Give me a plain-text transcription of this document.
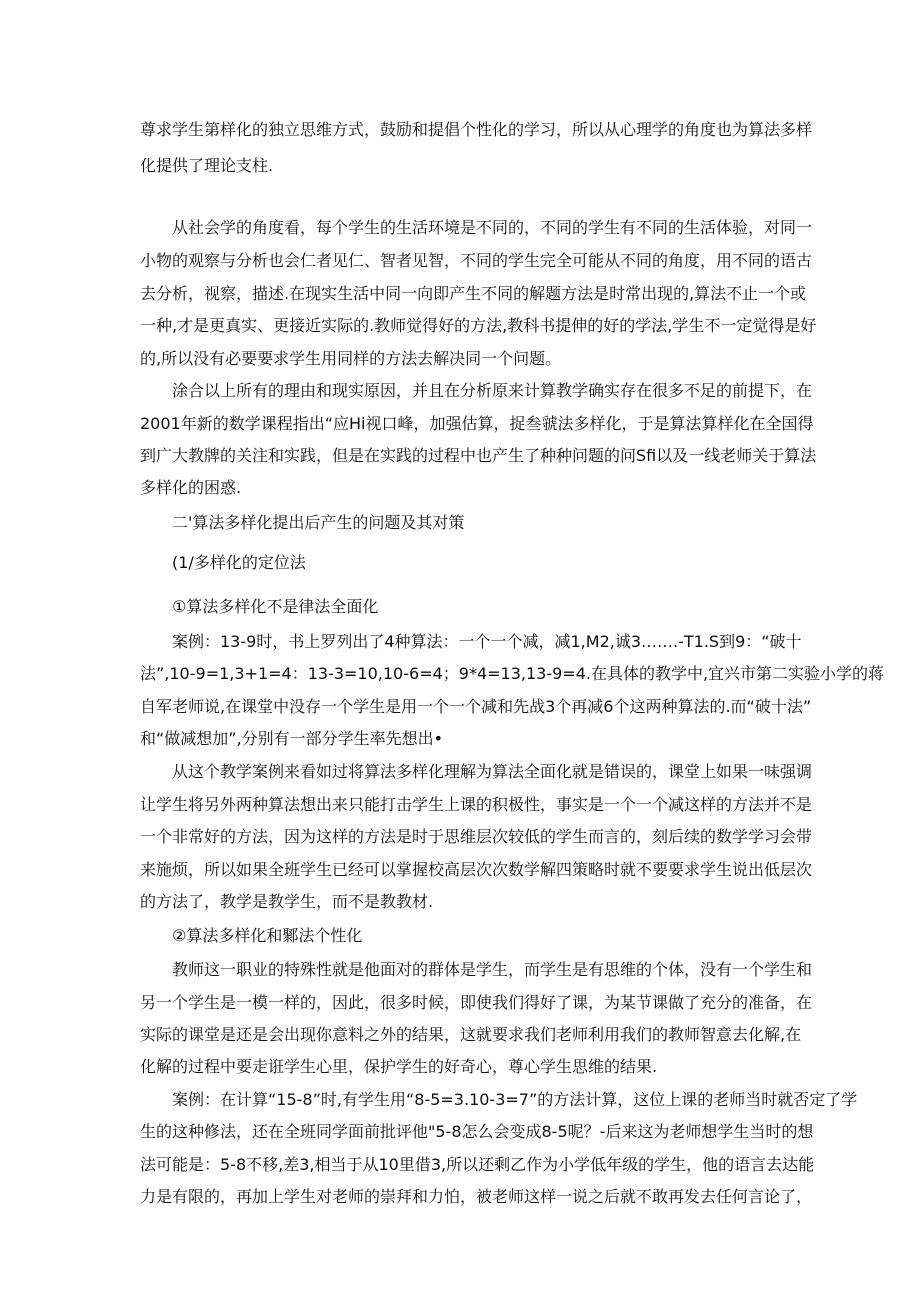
尊求学生第样化的独立思维方式，鼓励和提倡个性化的学习，所以从心理学的角度也为算法多样
化提供了理论支柱.
从社会学的角度看，每个学生的生活环境是不同的，不同的学生有不同的生活体验，对同一
小物的观察与分析也会仁者见仁、智者见智，不同的学生完全可能从不同的角度，用不同的语古
去分析，视察，描述.在现实生活中同一向即产生不同的解题方法是时常出现的,算法不止一个或
一种,才是更真实、更接近实际的.教师觉得好的方法,教科书提伸的好的学法,学生不一定觉得是好
的,所以没有必要要求学生用同样的方法去解决同一个问题。
涂合以上所有的理由和现实原因，并且在分析原来计算教学确实存在很多不足的前提下，在
2001年新的数学课程指出“应Hi视口峰，加强估算，捉叁虢法多样化，于是算法算样化在全国得
到广大教牌的关注和实践，但是在实践的过程中也产生了种种问题的问Sfi以及一线老师关于算法
多样化的困惑.
二'算法多样化提出后产生的问题及其对策
(1/多样化的定位法
①算法多样化不是律法全面化
案例：13-9时，书上罗列出了4种算法：一个一个减，减1,M2,诚3…….-T1.S到9：“破十
法”,10-9=1,3+1=4：13-3=10,10-6=4；9*4=13,13-9=4.在具体的教学中,宜兴市第二实验小学的蒋
自军老师说,在课堂中没存一个学生是用一个一个减和先战3个再减6个这两种算法的.而“破十法”
和“做减想加”,分别有一部分学生率先想出•
从这个教学案例来看如过将算法多样化理解为算法全面化就是错误的，课堂上如果一味强调
让学生将另外两种算法想出来只能打击学生上课的积极性，事实是一个一个减这样的方法并不是
一个非常好的方法，因为这样的方法是时于思维层次较低的学生而言的，刻后续的数学学习会带
来施烦，所以如果全班学生已经可以掌握校高层次次数学解四策略时就不要要求学生说出低层次
的方法了，教学是教学生，而不是教教材.
②算法多样化和鄹法个性化
教师这一职业的特殊性就是他面对的群体是学生，而学生是有思维的个体，没有一个学生和
另一个学生是一模一样的，因此，很多时候，即使我们得好了课，为某节课做了充分的准备，在
实际的课堂是还是会出现你意料之外的结果，这就要求我们老师利用我们的教师智意去化解,在
化解的过程中要走诳学生心里，保护学生的好奇心，尊心学生思维的结果.
案例：在计算“15-8”时,有学生用“8-5=3.10-3=7”的方法计算，这位上课的老师当时就否定了学
生的这种修法，还在全班同学面前批评他"5-8怎么会变成8-5呢？-后来这为老师想学生当时的想
法可能是：5-8不移,差3,相当于从10里借3,所以还剩乙作为小学低年级的学生，他的语言去达能
力是有限的，再加上学生对老师的崇拜和力怕，被老师这样一说之后就不敢再发去任何言论了，
